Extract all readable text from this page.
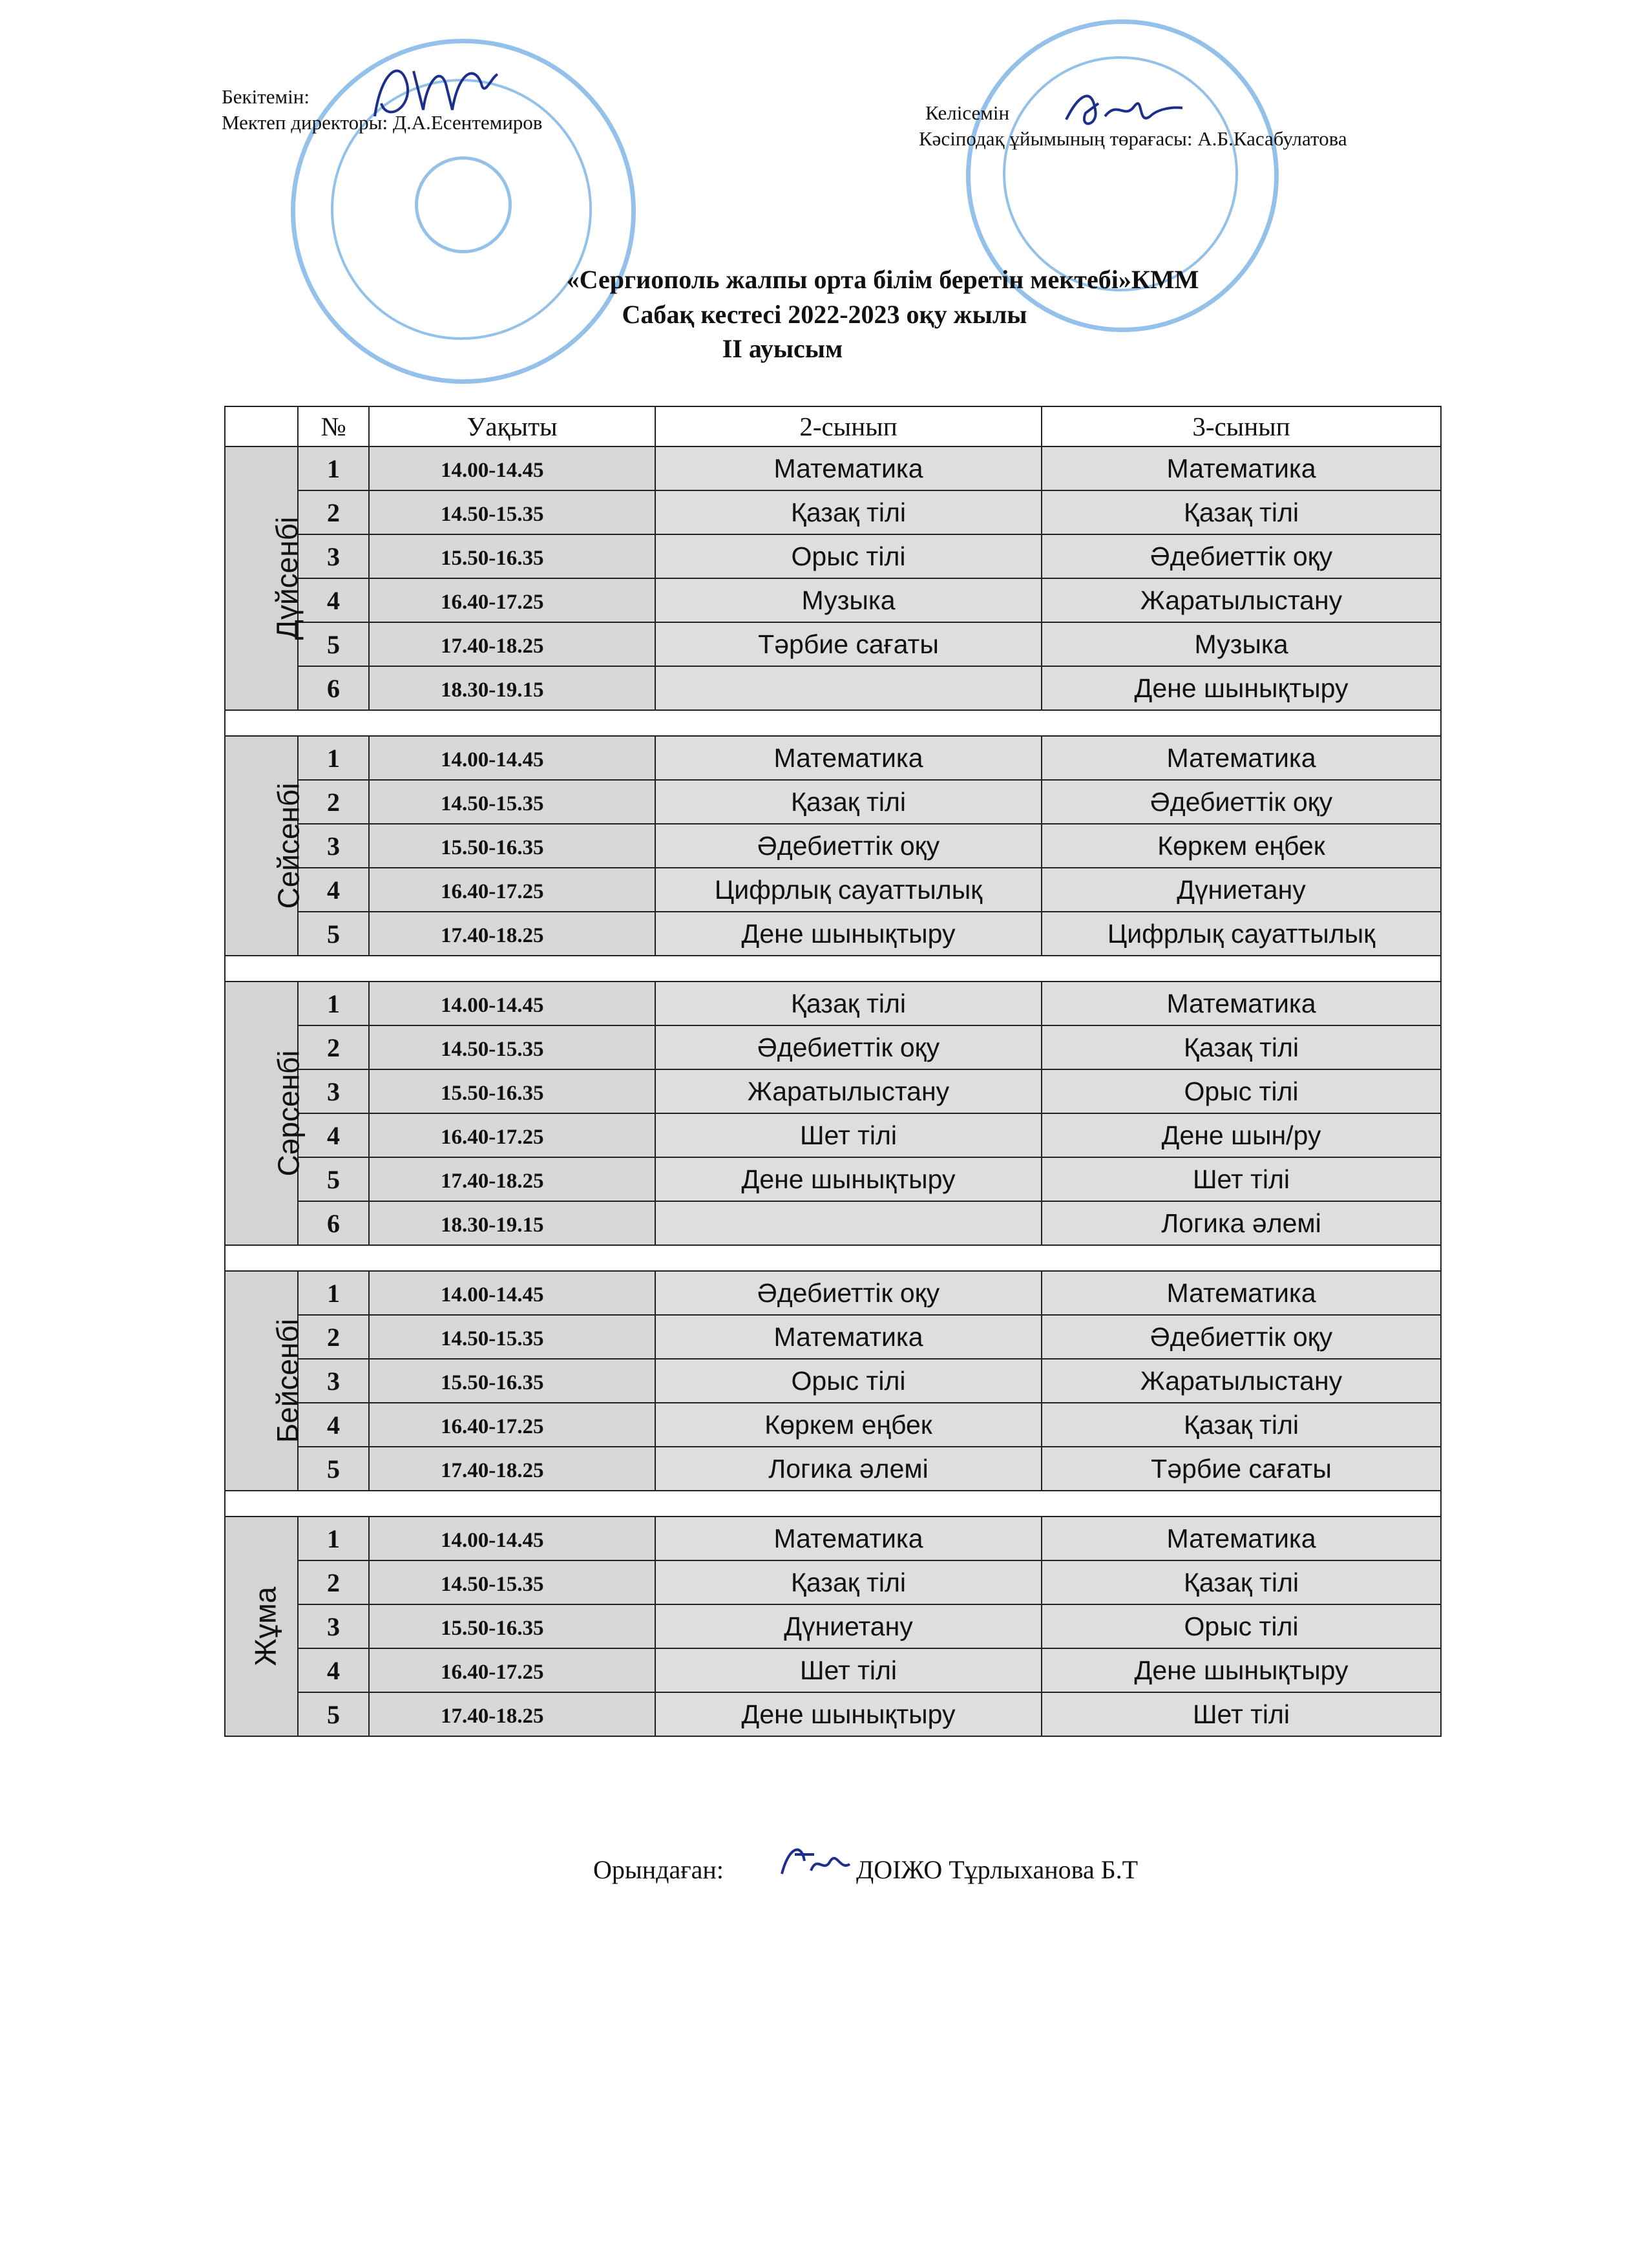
Бекітемін:
Мектеп директоры: Д.А.Есентемиров	Келісемін
Кәсіподақ ұйымының төрағасы: А.Б.Касабулатова
«Сергиополь жалпы орта білім беретін мектебі»КММ
Сабақ кестесі 2022-2023 оқу жылы
II ауысым
	№	Уақыты	2-сынып	3-сынып
Дүйсенбі	1	14.00-14.45	Математика	Математика
	2	14.50-15.35	Қазақ тілі	Қазақ тілі
	3	15.50-16.35	Орыс тілі	Әдебиеттік оқу
	4	16.40-17.25	Музыка	Жаратылыстану
	5	17.40-18.25	Тәрбие сағаты	Музыка
	6	18.30-19.15		Дене шынықтыру

Сейсенбі	1	14.00-14.45	Математика	Математика
	2	14.50-15.35	Қазақ тілі	Әдебиеттік оқу
	3	15.50-16.35	Әдебиеттік оқу	Көркем еңбек
	4	16.40-17.25	Цифрлық сауаттылық	Дүниетану
	5	17.40-18.25	Дене шынықтыру	Цифрлық сауаттылық

Сәрсенбі	1	14.00-14.45	Қазақ тілі	Математика
	2	14.50-15.35	Әдебиеттік оқу	Қазақ тілі
	3	15.50-16.35	Жаратылыстану	Орыс тілі
	4	16.40-17.25	Шет тілі	Дене шын/ру
	5	17.40-18.25	Дене шынықтыру	Шет тілі
	6	18.30-19.15		Логика әлемі

Бейсенбі	1	14.00-14.45	Әдебиеттік оқу	Математика
	2	14.50-15.35	Математика	Әдебиеттік оқу
	3	15.50-16.35	Орыс тілі	Жаратылыстану
	4	16.40-17.25	Көркем еңбек	Қазақ тілі
	5	17.40-18.25	Логика әлемі	Тәрбие сағаты

Жұма	1	14.00-14.45	Математика	Математика
	2	14.50-15.35	Қазақ тілі	Қазақ тілі
	3	15.50-16.35	Дүниетану	Орыс тілі
	4	16.40-17.25	Шет тілі	Дене шынықтыру
	5	17.40-18.25	Дене шынықтыру	Шет тілі
Орындаған:	ДОІЖО Тұрлыханова Б.Т
